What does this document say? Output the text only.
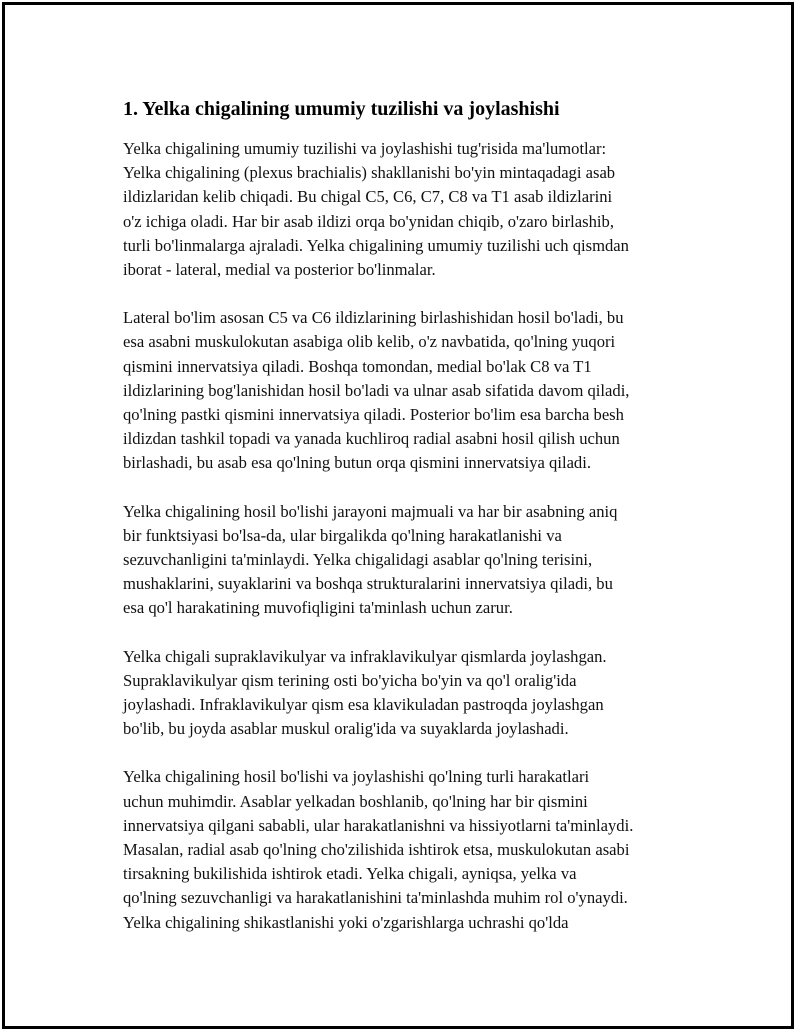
1. Yelka chigalining umumiy tuzilishi va joylashishi

Yelka chigalining umumiy tuzilishi va joylashishi tug'risida ma'lumotlar:
Yelka chigalining (plexus brachialis) shakllanishi bo'yin mintaqadagi asab
ildizlaridan kelib chiqadi. Bu chigal C5, C6, C7, C8 va T1 asab ildizlarini
o'z ichiga oladi. Har bir asab ildizi orqa bo'ynidan chiqib, o'zaro birlashib,
turli bo'linmalarga ajraladi. Yelka chigalining umumiy tuzilishi uch qismdan
iborat - lateral, medial va posterior bo'linmalar.

Lateral bo'lim asosan C5 va C6 ildizlarining birlashishidan hosil bo'ladi, bu
esa asabni muskulokutan asabiga olib kelib, o'z navbatida, qo'lning yuqori
qismini innervatsiya qiladi. Boshqa tomondan, medial bo'lak C8 va T1
ildizlarining bog'lanishidan hosil bo'ladi va ulnar asab sifatida davom qiladi,
qo'lning pastki qismini innervatsiya qiladi. Posterior bo'lim esa barcha besh
ildizdan tashkil topadi va yanada kuchliroq radial asabni hosil qilish uchun
birlashadi, bu asab esa qo'lning butun orqa qismini innervatsiya qiladi.

Yelka chigalining hosil bo'lishi jarayoni majmuali va har bir asabning aniq
bir funktsiyasi bo'lsa-da, ular birgalikda qo'lning harakatlanishi va
sezuvchanligini ta'minlaydi. Yelka chigalidagi asablar qo'lning terisini,
mushaklarini, suyaklarini va boshqa strukturalarini innervatsiya qiladi, bu
esa qo'l harakatining muvofiqligini ta'minlash uchun zarur.

Yelka chigali supraklavikulyar va infraklavikulyar qismlarda joylashgan.
Supraklavikulyar qism terining osti bo'yicha bo'yin va qo'l oralig'ida
joylashadi. Infraklavikulyar qism esa klavikuladan pastroqda joylashgan
bo'lib, bu joyda asablar muskul oralig'ida va suyaklarda joylashadi.

Yelka chigalining hosil bo'lishi va joylashishi qo'lning turli harakatlari
uchun muhimdir. Asablar yelkadan boshlanib, qo'lning har bir qismini
innervatsiya qilgani sababli, ular harakatlanishni va hissiyotlarni ta'minlaydi.
Masalan, radial asab qo'lning cho'zilishida ishtirok etsa, muskulokutan asabi
tirsakning bukilishida ishtirok etadi. Yelka chigali, ayniqsa, yelka va
qo'lning sezuvchanligi va harakatlanishini ta'minlashda muhim rol o'ynaydi.
Yelka chigalining shikastlanishi yoki o'zgarishlarga uchrashi qo'lda
